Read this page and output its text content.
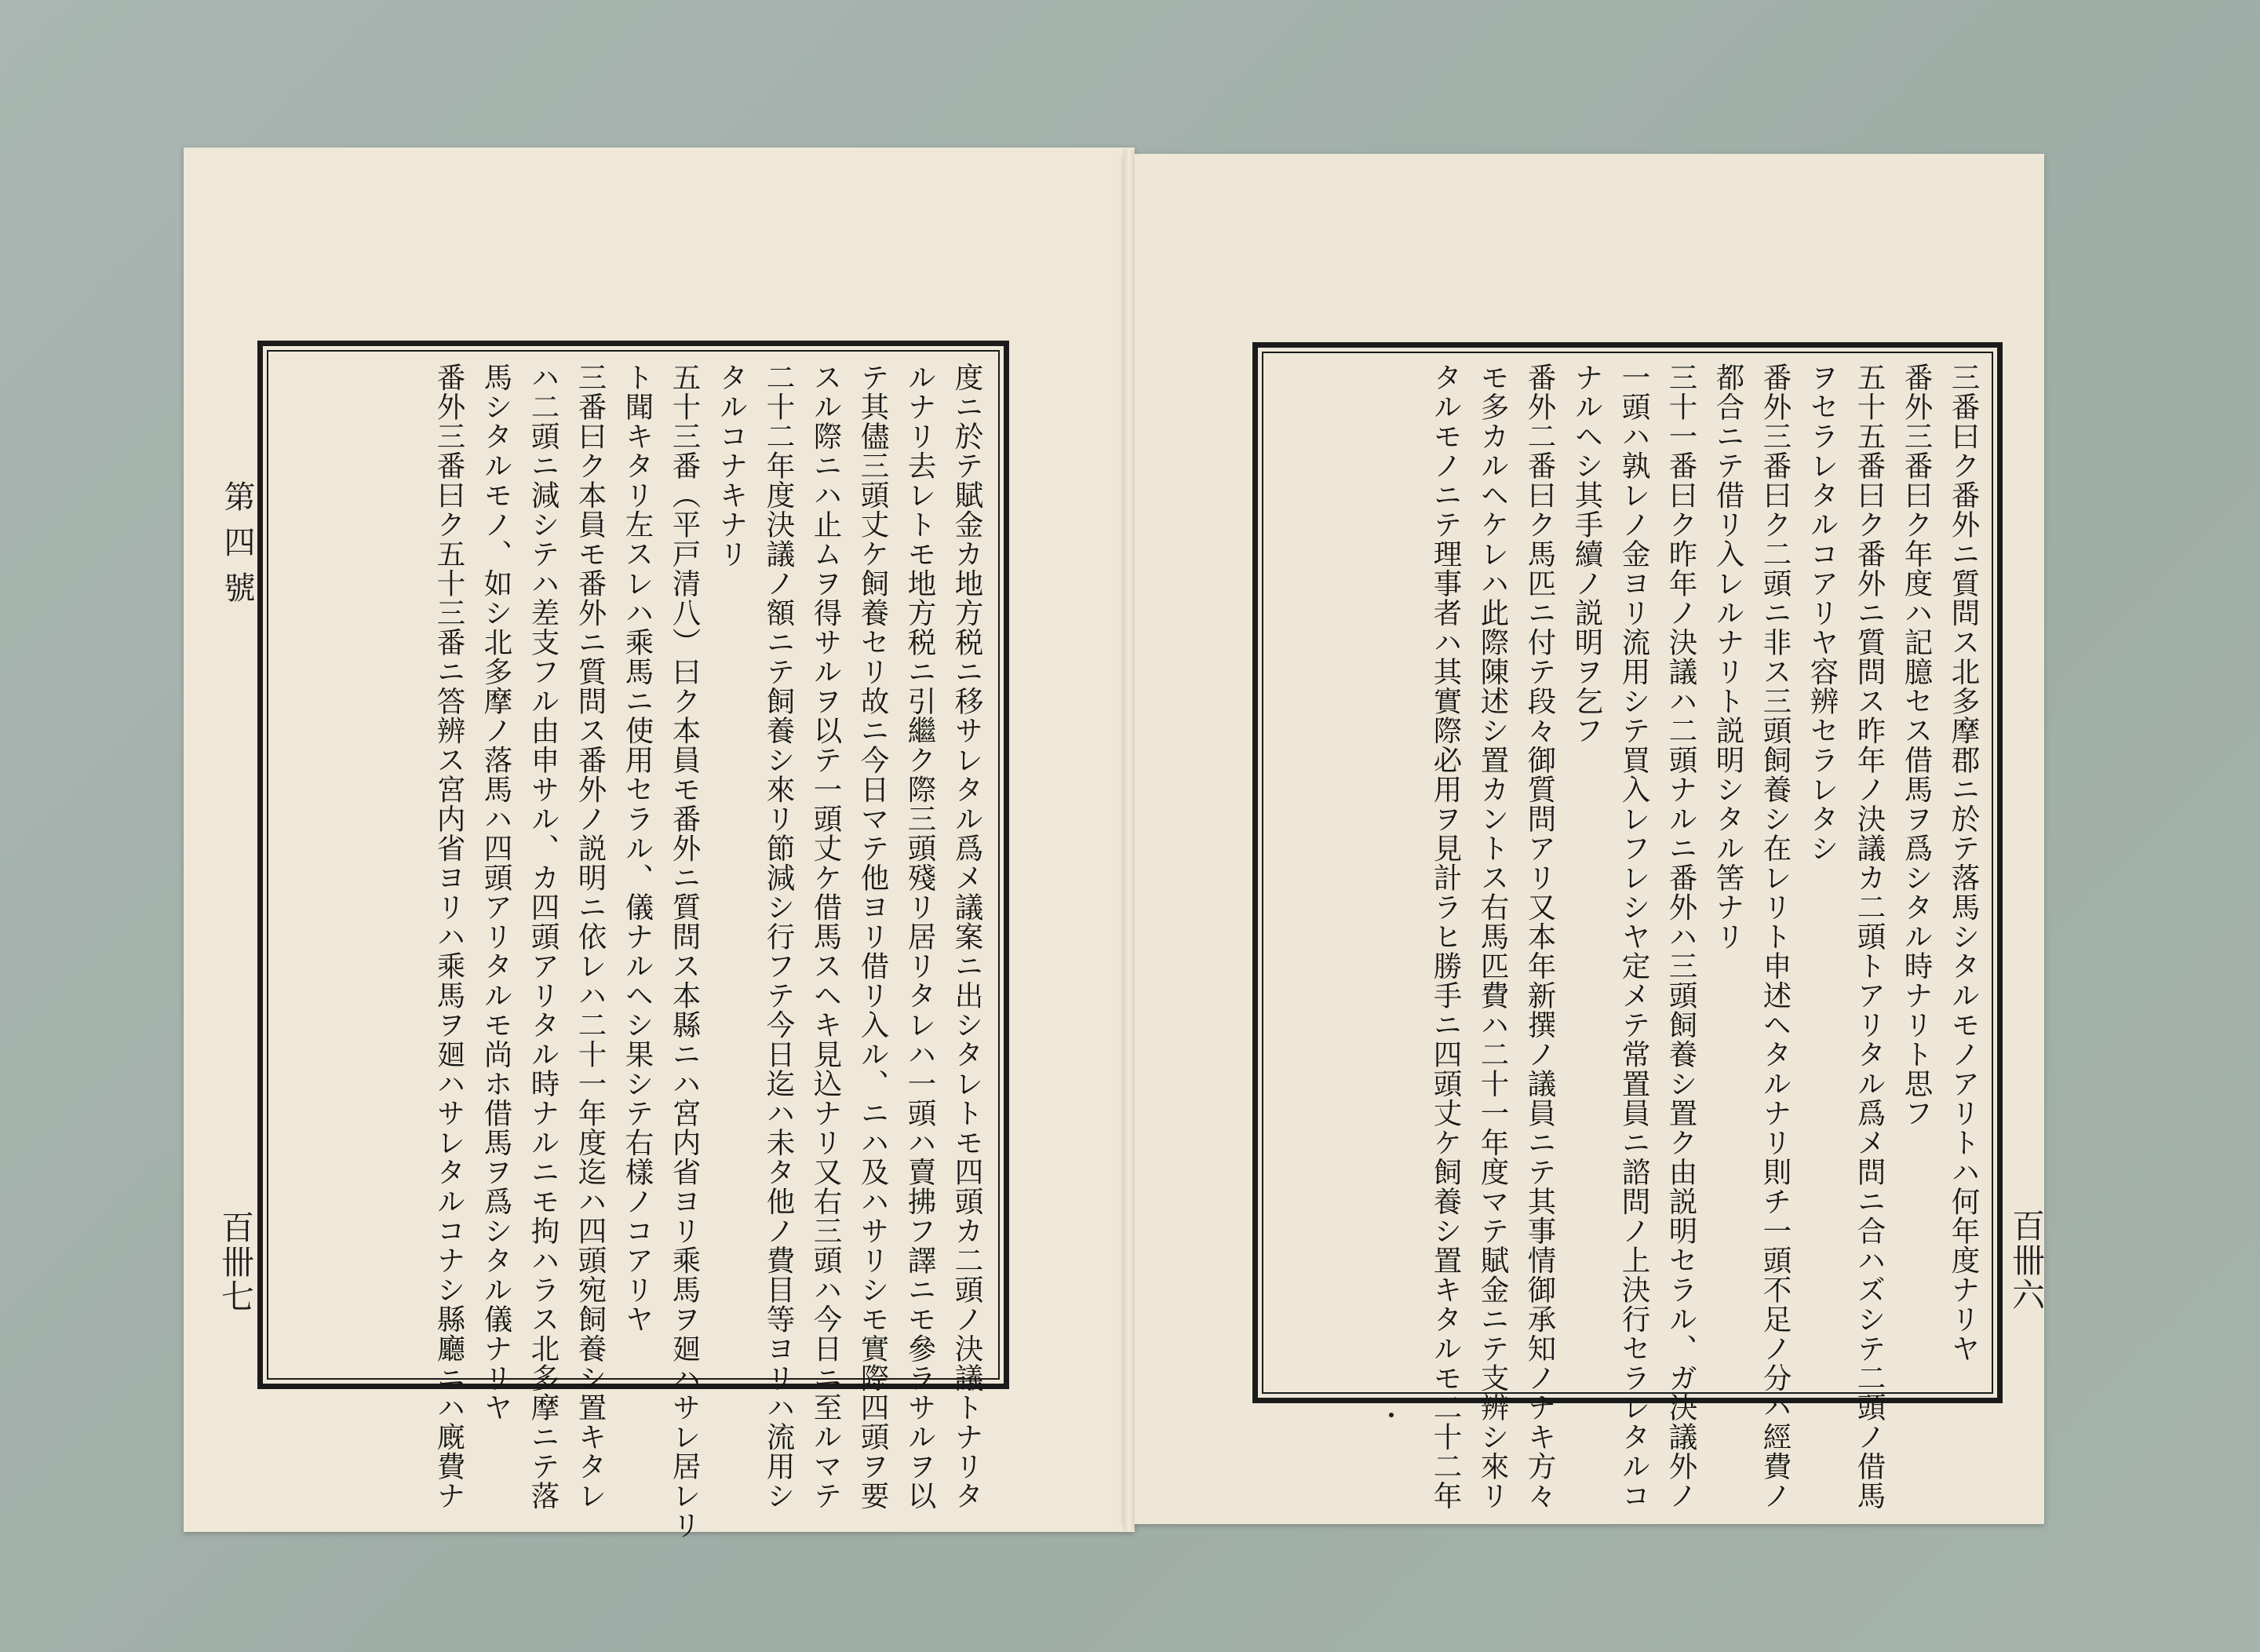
第四號
百卌七	度ニ於テ賦金カ地方税ニ移サレタル爲メ議案ニ出シタレトモ四頭カ二頭ノ決議トナリタ
ルナリ去レトモ地方税ニ引繼ク際三頭殘リ居リタレハ一頭ハ賣拂フ譯ニモ參ラサルヲ以
テ其儘三頭丈ケ飼養セリ故ニ今日マテ他ヨリ借リ入ル、ニハ及ハサリシモ實際四頭ヲ要
スル際ニハ止ムヲ得サルヲ以テ一頭丈ケ借馬スヘキ見込ナリ又右三頭ハ今日ニ至ルマテ
二十二年度決議ノ額ニテ飼養シ來リ節減シ行フテ今日迄ハ未タ他ノ費目等ヨリハ流用シ
タルコナキナリ
五十三番（平戸清八）曰ク本員モ番外ニ質問ス本縣ニハ宮内省ヨリ乘馬ヲ廻ハサレ居レリ
ト聞キタリ左スレハ乘馬ニ使用セラル、儀ナルヘシ果シテ右樣ノコアリヤ
三番曰ク本員モ番外ニ質問ス番外ノ説明ニ依レハ二十一年度迄ハ四頭宛飼養シ置キタレ
ハ二頭ニ減シテハ差支フル由申サル、カ四頭アリタル時ナルニモ拘ハラス北多摩ニテ落
馬シタルモノ、如シ北多摩ノ落馬ハ四頭アリタルモ尚ホ借馬ヲ爲シタル儀ナリヤ
番外三番曰ク五十三番ニ答辨ス宮内省ヨリハ乘馬ヲ廻ハサレタルコナシ縣廳ニハ廐費ナ	百卌六
三番曰ク番外ニ質問ス北多摩郡ニ於テ落馬シタルモノアリトハ何年度ナリヤ
番外三番曰ク年度ハ記臆セス借馬ヲ爲シタル時ナリト思フ
五十五番曰ク番外ニ質問ス昨年ノ決議カ二頭トアリタル爲メ問ニ合ハズシテ二頭ノ借馬
ヲセラレタルコアリヤ容辨セラレタシ
番外三番曰ク二頭ニ非ス三頭飼養シ在レリト申述ヘタルナリ則チ一頭不足ノ分ハ經費ノ
都合ニテ借リ入レルナリト説明シタル筈ナリ
三十一番曰ク昨年ノ決議ハ二頭ナルニ番外ハ三頭飼養シ置ク由説明セラル、ガ決議外ノ
一頭ハ孰レノ金ヨリ流用シテ買入レフレシヤ定メテ常置員ニ諮問ノ上決行セラレタルコ
ナルヘシ其手續ノ説明ヲ乞フ
番外二番曰ク馬匹ニ付テ段々御質問アリ又本年新撰ノ議員ニテ其事情御承知ノナキ方々
モ多カルヘケレハ此際陳述シ置カントス右馬匹費ハ二十一年度マテ賦金ニテ支辨シ來リ
タルモノニテ理事者ハ其實際必用ヲ見計ラヒ勝手ニ四頭丈ケ飼養シ置キタルモ二十二年
